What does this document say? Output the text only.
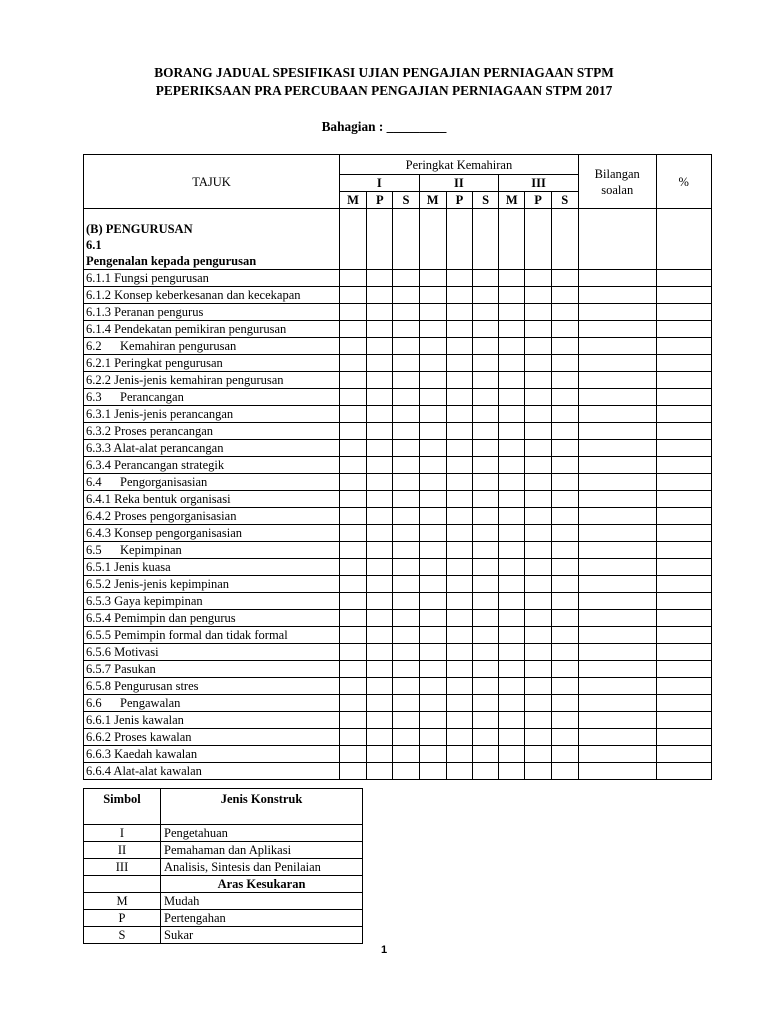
BORANG JADUAL SPESIFIKASI UJIAN PENGAJIAN PERNIAGAAN STPM
PEPERIKSAAN PRA PERCUBAAN PENGAJIAN PERNIAGAAN STPM 2017
Bahagian : _________
TAJUK	Peringkat Kemahiran									Bilangan soalan	%
	I			II			III				
	M	P	S	M	P	S	M	P	S		

(B) PENGURUSAN
6.1
Pengenalan kepada pengurusan											

6.1.1 Fungsi pengurusan											
6.1.2 Konsep keberkesanan dan kecekapan											
6.1.3 Peranan pengurus											
6.1.4 Pendekatan pemikiran pengurusan											
6.2 Kemahiran pengurusan											
6.2.1 Peringkat pengurusan											
6.2.2 Jenis-jenis kemahiran pengurusan											
6.3 Perancangan											
6.3.1 Jenis-jenis perancangan											
6.3.2 Proses perancangan											
6.3.3 Alat-alat perancangan											
6.3.4 Perancangan strategik											
6.4 Pengorganisasian											
6.4.1 Reka bentuk organisasi											
6.4.2 Proses pengorganisasian											
6.4.3 Konsep pengorganisasian											
6.5 Kepimpinan											
6.5.1 Jenis kuasa											
6.5.2 Jenis-jenis kepimpinan											
6.5.3 Gaya kepimpinan											
6.5.4 Pemimpin dan pengurus											
6.5.5 Pemimpin formal dan tidak formal											
6.5.6 Motivasi											
6.5.7 Pasukan											
6.5.8 Pengurusan stres											
6.6 Pengawalan											
6.6.1 Jenis kawalan											
6.6.2 Proses kawalan											
6.6.3 Kaedah kawalan											
6.6.4 Alat-alat kawalan											
Simbol	Jenis Konstruk
I	Pengetahuan
II	Pemahaman dan Aplikasi
III	Analisis, Sintesis dan Penilaian
	Aras Kesukaran
M	Mudah
P	Pertengahan
S	Sukar
1
